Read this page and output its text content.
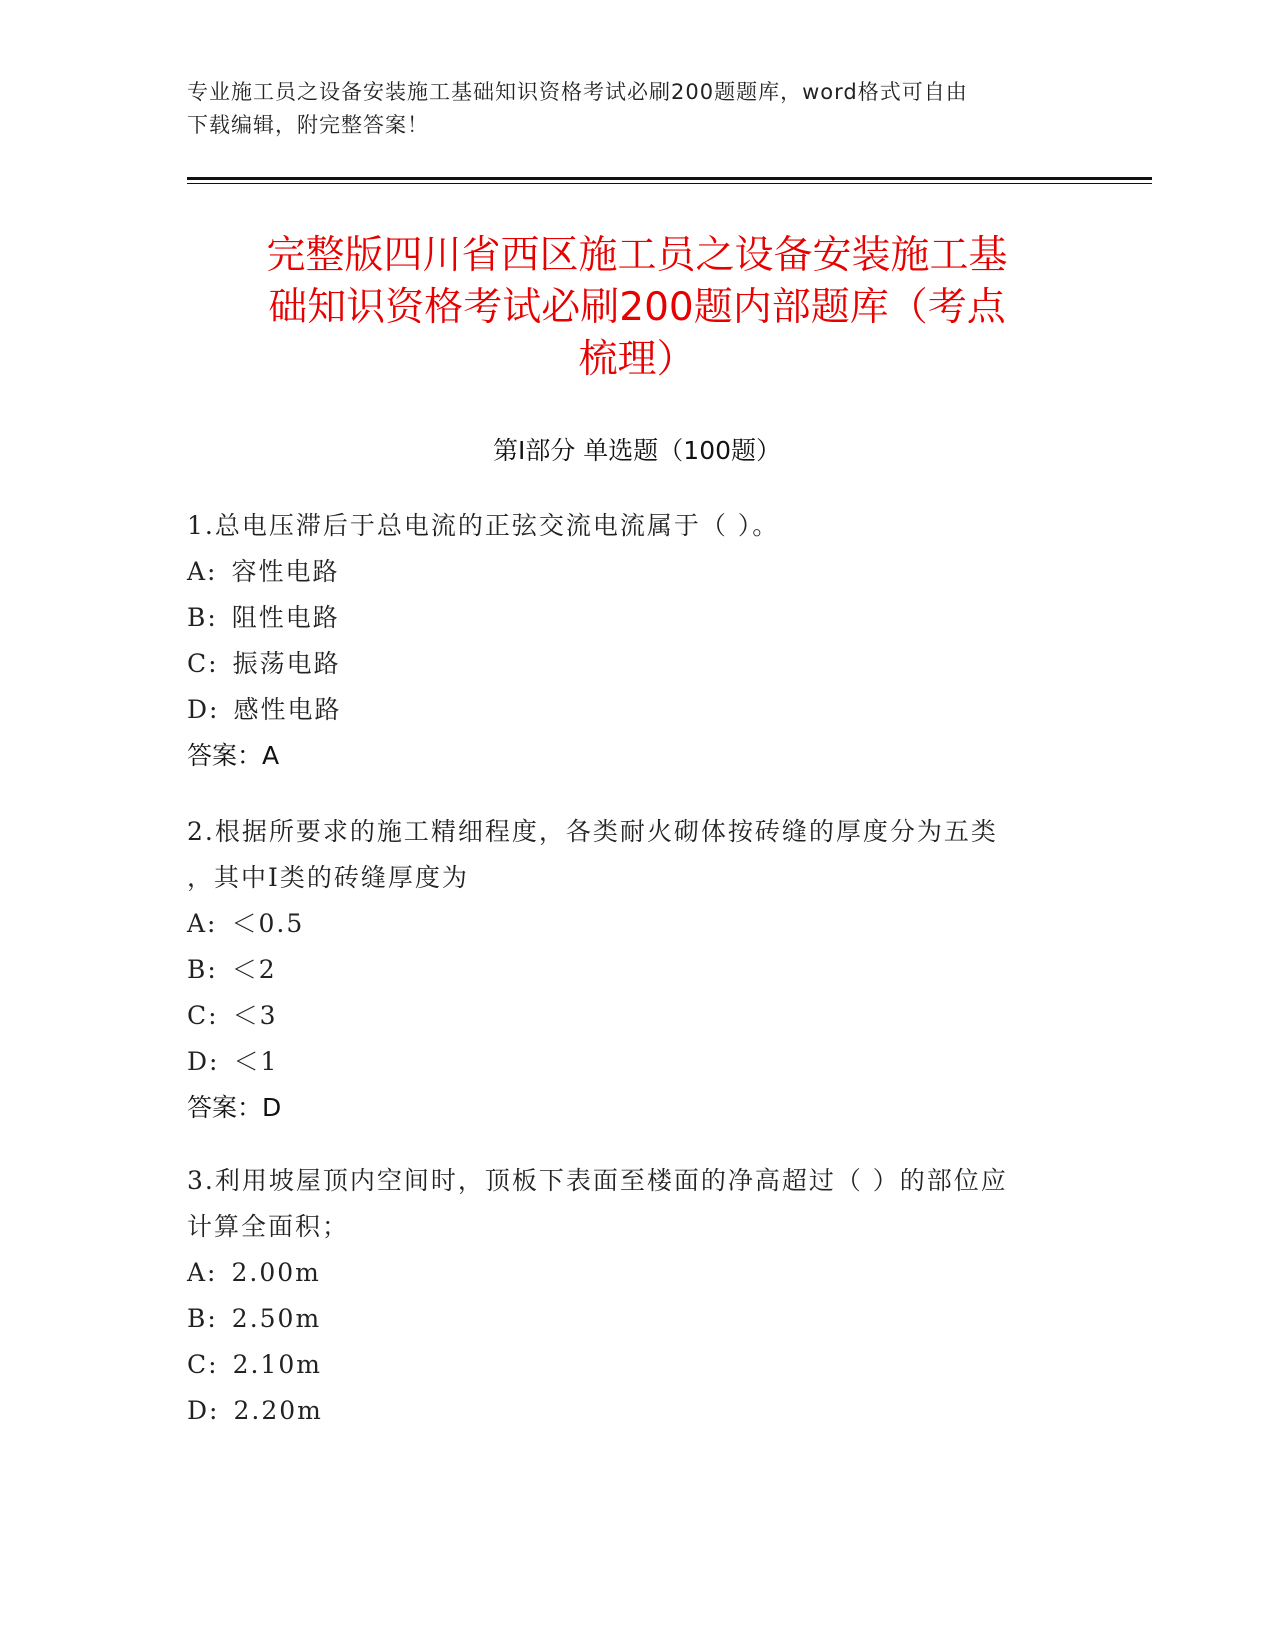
专业施工员之设备安装施工基础知识资格考试必刷200题题库，word格式可自由
下载编辑，附完整答案！
完整版四川省西区施工员之设备安装施工基
础知识资格考试必刷200题内部题库（考点
梳理）
第Ⅰ部分 单选题（100题）
1.总电压滞后于总电流的正弦交流电流属于（ ）。
A: 容性电路
B: 阻性电路
C: 振荡电路
D: 感性电路
答案：A
2.根据所要求的施工精细程度，各类耐火砌体按砖缝的厚度分为五类
，其中Ⅰ类的砖缝厚度为
A: ＜0.5
B: ＜2
C: ＜3
D: ＜1
答案：D
3.利用坡屋顶内空间时，顶板下表面至楼面的净高超过（ ）的部位应
计算全面积；
A: 2.00m
B: 2.50m
C: 2.10m
D: 2.20m
